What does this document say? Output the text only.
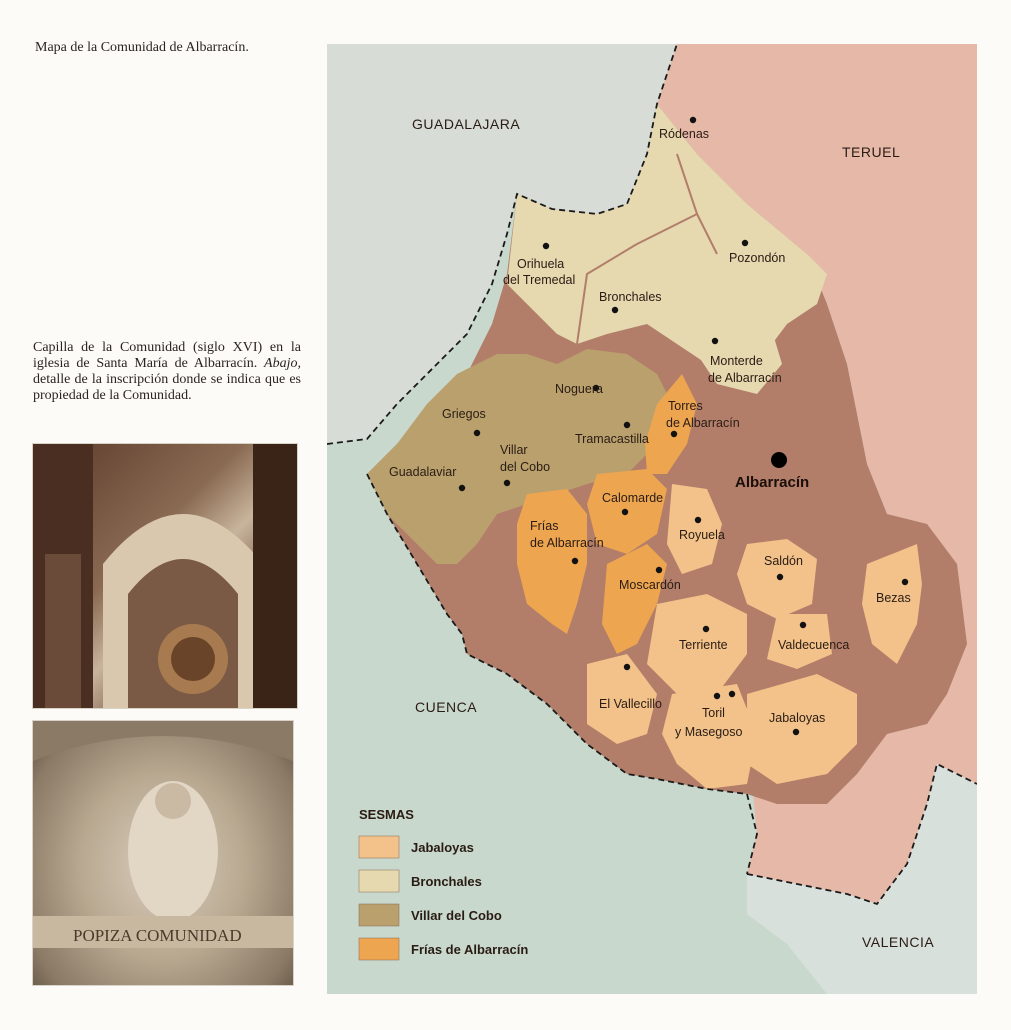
Mapa de la Comunidad de Albarracín.
Capilla de la Comunidad (siglo XVI) en la iglesia de Santa María de Albarracín. Abajo, detalle de la inscripción donde se indica que es propiedad de la Comunidad.
POPIZA COMUNIDAD
GUADALAJARA
TERUEL
CUENCA
VALENCIA
Albarracín
Ródenas
Orihuela
del Tremedal
Pozondón
Bronchales
Monterde
de Albarracín
Noguera
Torres
de Albarracín
Griegos
Tramacastilla
Villar
del Cobo
Guadalaviar
Calomarde
Frías
de Albarracín
Royuela
Saldón
Bezas
Moscardón
Terriente	Valdecuenca
El Vallecillo
Toril
y Masegoso
Jabaloyas
SESMAS
Jabaloyas
Bronchales
Villar del Cobo
Frías de Albarracín
